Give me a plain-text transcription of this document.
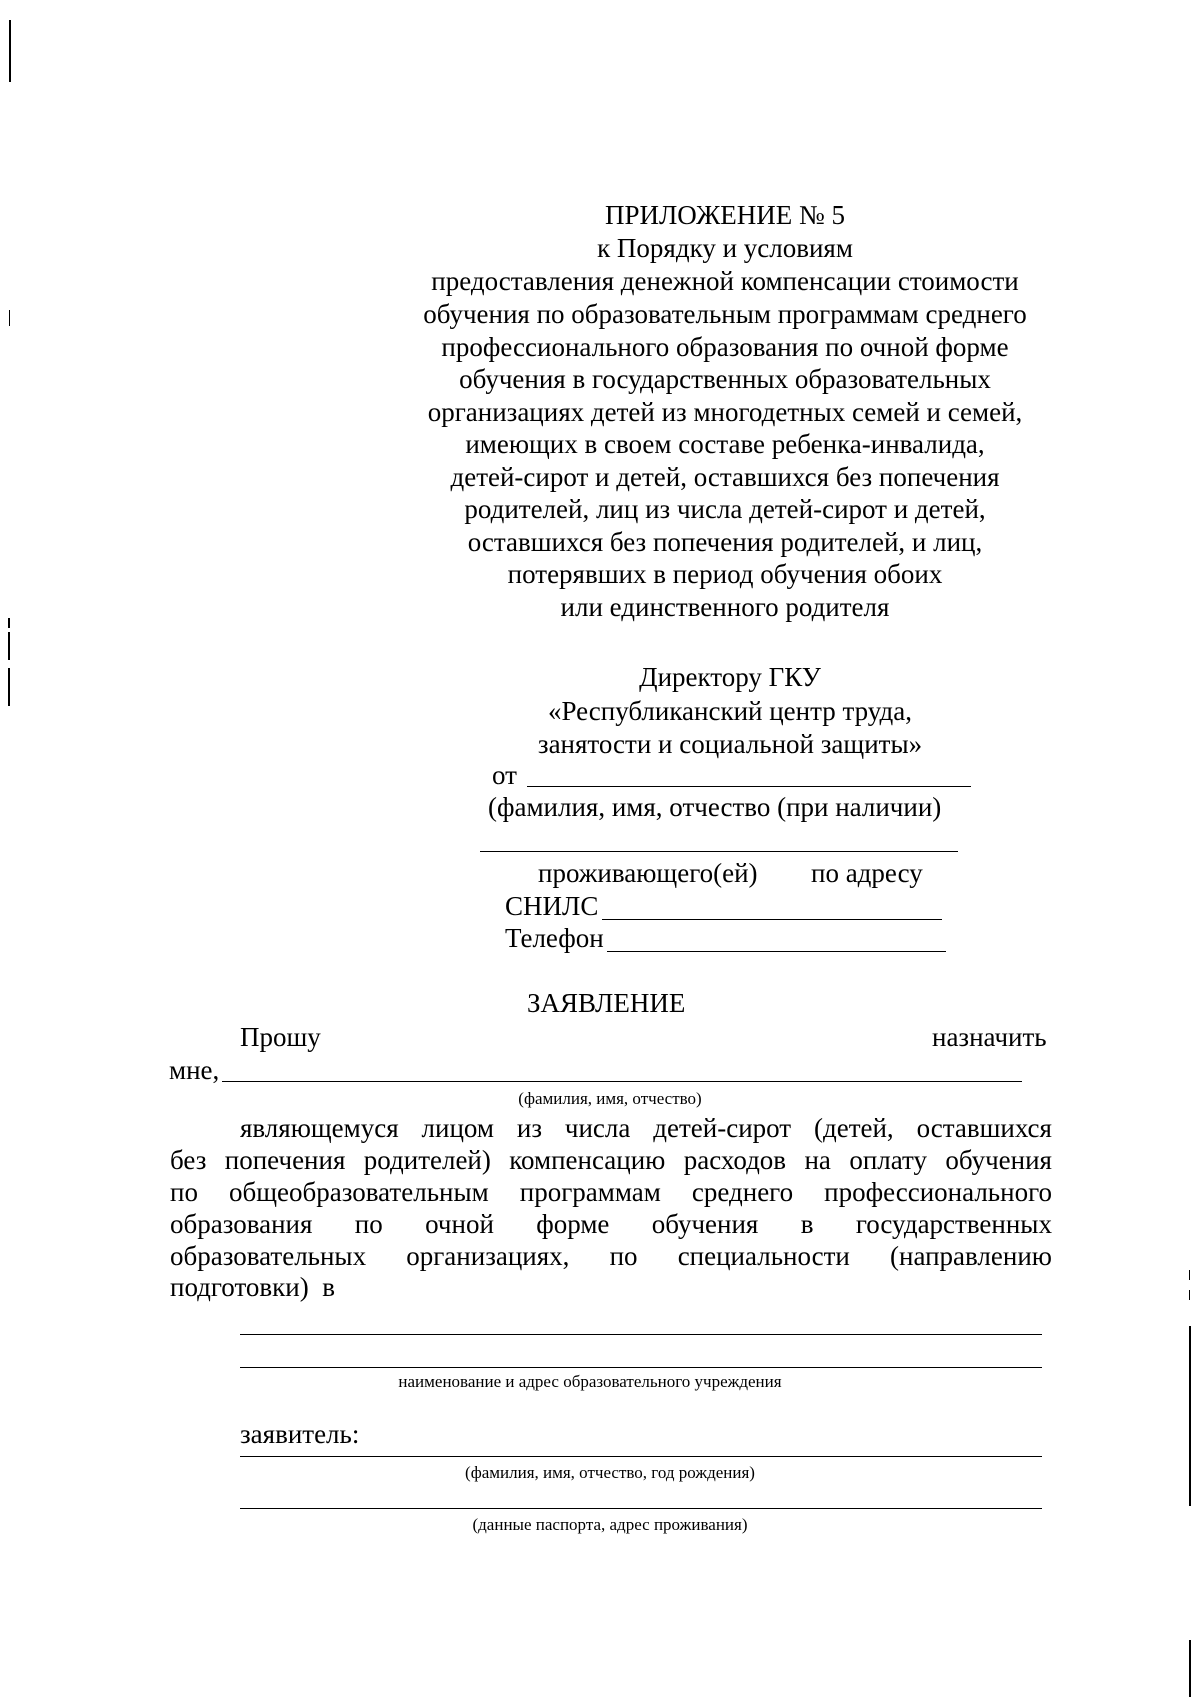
ПРИЛОЖЕНИЕ № 5
к Порядку и условиям
предоставления денежной компенсации стоимости
обучения по образовательным программам среднего
профессионального образования по очной форме
обучения в государственных образовательных
организациях детей из многодетных семей и семей,
имеющих в своем составе ребенка-инвалида,
детей-сирот и детей, оставшихся без попечения
родителей, лиц из числа детей-сирот и детей,
оставшихся без попечения родителей, и лиц,
потерявших в период обучения обоих
или единственного родителя
Директору ГКУ
«Республиканский центр труда,
занятости и социальной защиты»
от
(фамилия, имя, отчество (при наличии)
проживающего(ей) по адресу
СНИЛС
Телефон
ЗАЯВЛЕНИЕ
Прошу	назначить
мне,
(фамилия, имя, отчество)
являющемуся лицом из числа детей-сирот (детей, оставшихся
без попечения родителей) компенсацию расходов на оплату обучения
по общеобразовательным программам среднего профессионального
образования по очной форме обучения в государственных
образовательных организациях, по специальности (направлению
подготовки)  в
наименование и адрес образовательного учреждения
заявитель:
(фамилия, имя, отчество, год рождения)
(данные паспорта, адрес проживания)
